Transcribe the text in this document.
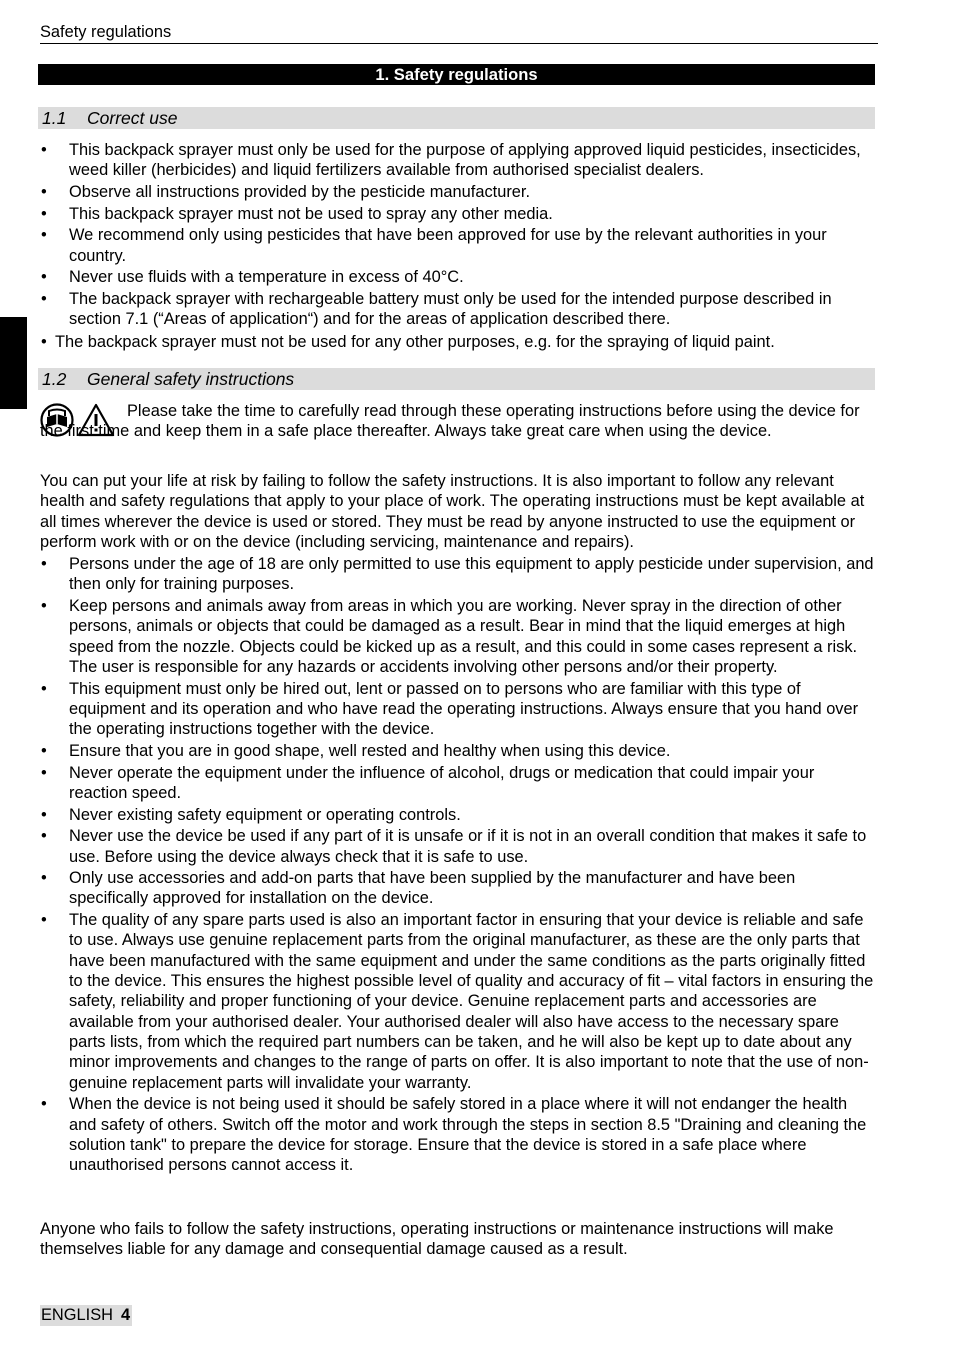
Safety regulations
1. Safety regulations
1.1 Correct use
• This backpack sprayer must only be used for the purpose of applying approved liquid pesticides, insecticides, weed killer (herbicides) and liquid fertilizers available from authorised specialist dealers.
• Observe all instructions provided by the pesticide manufacturer.
• This backpack sprayer must not be used to spray any other media.
• We recommend only using pesticides that have been approved for use by the relevant authorities in your country.
• Never use fluids with a temperature in excess of 40°C.
• The backpack sprayer with rechargeable battery must only be used for the intended purpose described in section 7.1 (“Areas of application“) and for the areas of application described there.
• The backpack sprayer must not be used for any other purposes, e.g. for the spraying of liquid paint.
1.2 General safety instructions

Please take the time to carefully read through these operating instructions before using the device for the first time and keep them in a safe place thereafter. Always take great care when using the device.

You can put your life at risk by failing to follow the safety instructions. It is also important to follow any relevant health and safety regulations that apply to your place of work. The operating instructions must be kept available at all times wherever the device is used or stored. They must be read by anyone instructed to use the equipment or perform work with or on the device (including servicing, maintenance and repairs).

• Persons under the age of 18 are only permitted to use this equipment to apply pesticide under supervision, and then only for training purposes.
• Keep persons and animals away from areas in which you are working. Never spray in the direction of other persons, animals or objects that could be damaged as a result. Bear in mind that the liquid emerges at high speed from the nozzle. Objects could be kicked up as a result, and this could in some cases represent a risk. The user is responsible for any hazards or accidents involving other persons and/or their property.
• This equipment must only be hired out, lent or passed on to persons who are familiar with this type of equipment and its operation and who have read the operating instructions. Always ensure that you hand over the operating instructions together with the device.
• Ensure that you are in good shape, well rested and healthy when using this device.
• Never operate the equipment under the influence of alcohol, drugs or medication that could impair your reaction speed.
• Never existing safety equipment or operating controls.
• Never use the device be used if any part of it is unsafe or if it is not in an overall condition that makes it safe to use. Before using the device always check that it is safe to use.
• Only use accessories and add-on parts that have been supplied by the manufacturer and have been specifically approved for installation on the device.
• The quality of any spare parts used is also an important factor in ensuring that your device is reliable and safe to use. Always use genuine replacement parts from the original manufacturer, as these are the only parts that have been manufactured with the same equipment and under the same conditions as the parts originally fitted to the device. This ensures the highest possible level of quality and accuracy of fit – vital factors in ensuring the safety, reliability and proper functioning of your device. Genuine replacement parts and accessories are available from your authorised dealer. Your authorised dealer will also have access to the necessary spare parts lists, from which the required part numbers can be taken, and he will also be kept up to date about any minor improvements and changes to the range of parts on offer. It is also important to note that the use of non-genuine replacement parts will invalidate your warranty.
• When the device is not being used it should be safely stored in a place where it will not endanger the health and safety of others. Switch off the motor and work through the steps in section 8.5 "Draining and cleaning the solution tank" to prepare the device for storage. Ensure that the device is stored in a safe place where unauthorised persons cannot access it.

Anyone who fails to follow the safety instructions, operating instructions or maintenance instructions will make themselves liable for any damage and consequential damage caused as a result.

ENGLISH 4
